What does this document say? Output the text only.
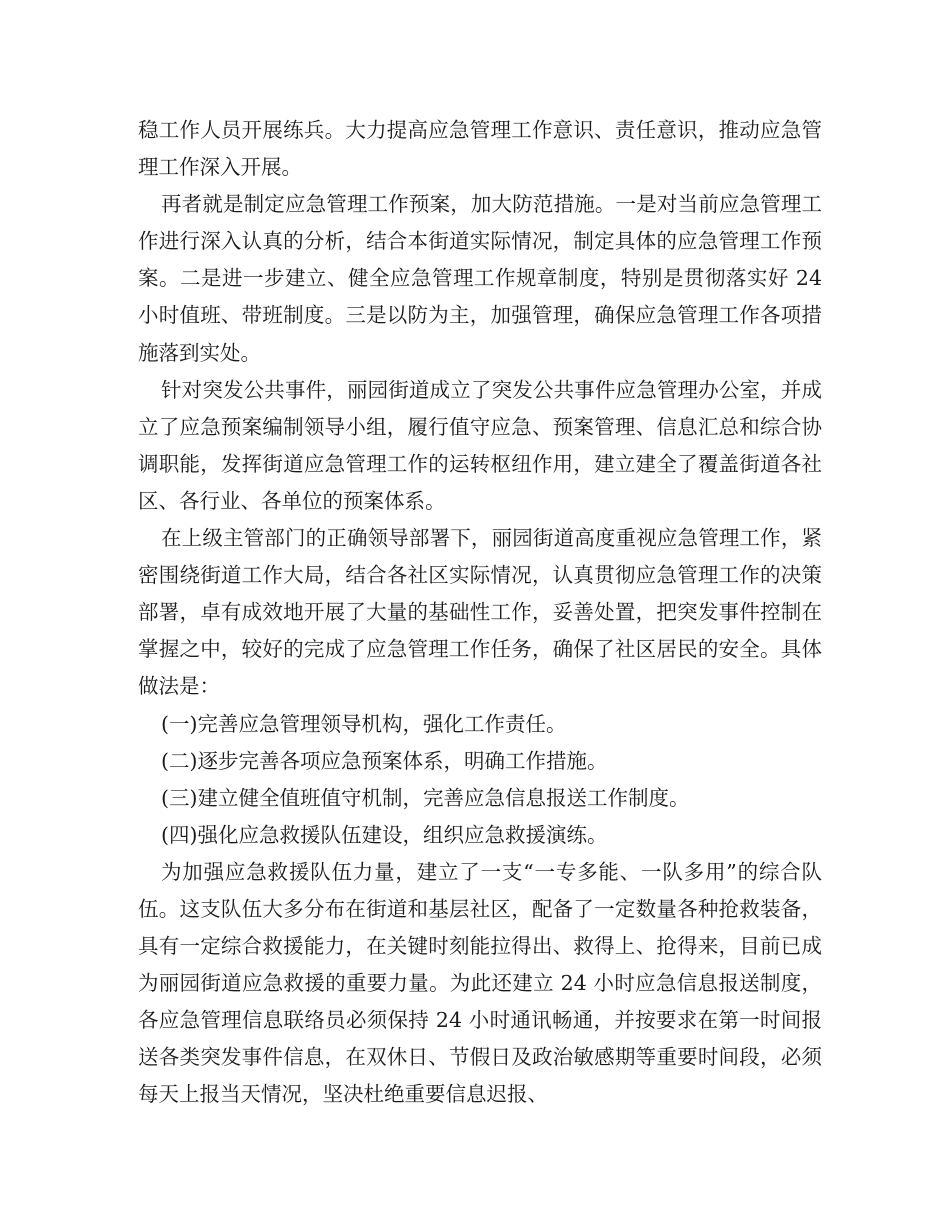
稳工作人员开展练兵。大力提高应急管理工作意识、责任意识，推动应急管理工作深入开展。

再者就是制定应急管理工作预案，加大防范措施。一是对当前应急管理工作进行深入认真的分析，结合本街道实际情况，制定具体的应急管理工作预案。二是进一步建立、健全应急管理工作规章制度，特别是贯彻落实好 24 小时值班、带班制度。三是以防为主，加强管理，确保应急管理工作各项措施落到实处。

针对突发公共事件，丽园街道成立了突发公共事件应急管理办公室，并成立了应急预案编制领导小组，履行值守应急、预案管理、信息汇总和综合协调职能，发挥街道应急管理工作的运转枢纽作用，建立建全了覆盖街道各社区、各行业、各单位的预案体系。

在上级主管部门的正确领导部署下，丽园街道高度重视应急管理工作，紧密围绕街道工作大局，结合各社区实际情况，认真贯彻应急管理工作的决策部署，卓有成效地开展了大量的基础性工作，妥善处置，把突发事件控制在掌握之中，较好的完成了应急管理工作任务，确保了社区居民的安全。具体做法是：

(一)完善应急管理领导机构，强化工作责任。

(二)逐步完善各项应急预案体系，明确工作措施。

(三)建立健全值班值守机制，完善应急信息报送工作制度。

(四)强化应急救援队伍建设，组织应急救援演练。

为加强应急救援队伍力量，建立了一支“一专多能、一队多用”的综合队伍。这支队伍大多分布在街道和基层社区，配备了一定数量各种抢救装备，具有一定综合救援能力，在关键时刻能拉得出、救得上、抢得来，目前已成为丽园街道应急救援的重要力量。为此还建立 24 小时应急信息报送制度，各应急管理信息联络员必须保持 24 小时通讯畅通，并按要求在第一时间报送各类突发事件信息，在双休日、节假日及政治敏感期等重要时间段，必须每天上报当天情况，坚决杜绝重要信息迟报、
